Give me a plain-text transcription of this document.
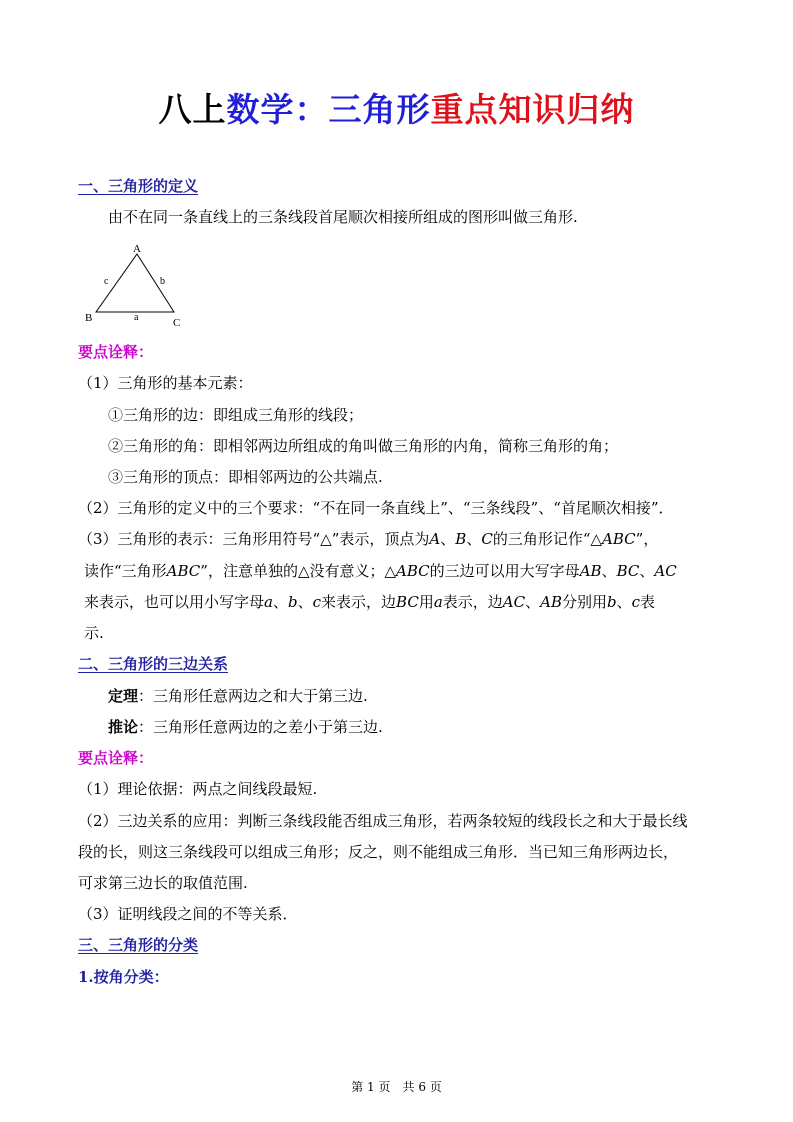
八上数学：三角形重点知识归纳
一、三角形的定义
由不在同一条直线上的三条线段首尾顺次相接所组成的图形叫做三角形.
A
B	C
a
b
c
要点诠释：
（1）三角形的基本元素：
①三角形的边：即组成三角形的线段；
②三角形的角：即相邻两边所组成的角叫做三角形的内角，简称三角形的角；
③三角形的顶点：即相邻两边的公共端点.
（2）三角形的定义中的三个要求：“不在同一条直线上”、“三条线段”、“首尾顺次相接”．
（3）三角形的表示：三角形用符号“△”表示，顶点为A、B、C的三角形记作“△ABC”，
读作“三角形ABC”，注意单独的△没有意义；△ABC的三边可以用大写字母AB、BC、AC
来表示，也可以用小写字母a、b、c来表示，边BC用a表示，边AC、AB分别用b、c表
示.
二、三角形的三边关系
定理：三角形任意两边之和大于第三边.
推论：三角形任意两边的之差小于第三边.
要点诠释：
（1）理论依据：两点之间线段最短.
（2）三边关系的应用：判断三条线段能否组成三角形，若两条较短的线段长之和大于最长线
段的长，则这三条线段可以组成三角形；反之，则不能组成三角形．当已知三角形两边长，
可求第三边长的取值范围.
（3）证明线段之间的不等关系．
三、三角形的分类
1.按角分类：
第 1 页　共 6 页
